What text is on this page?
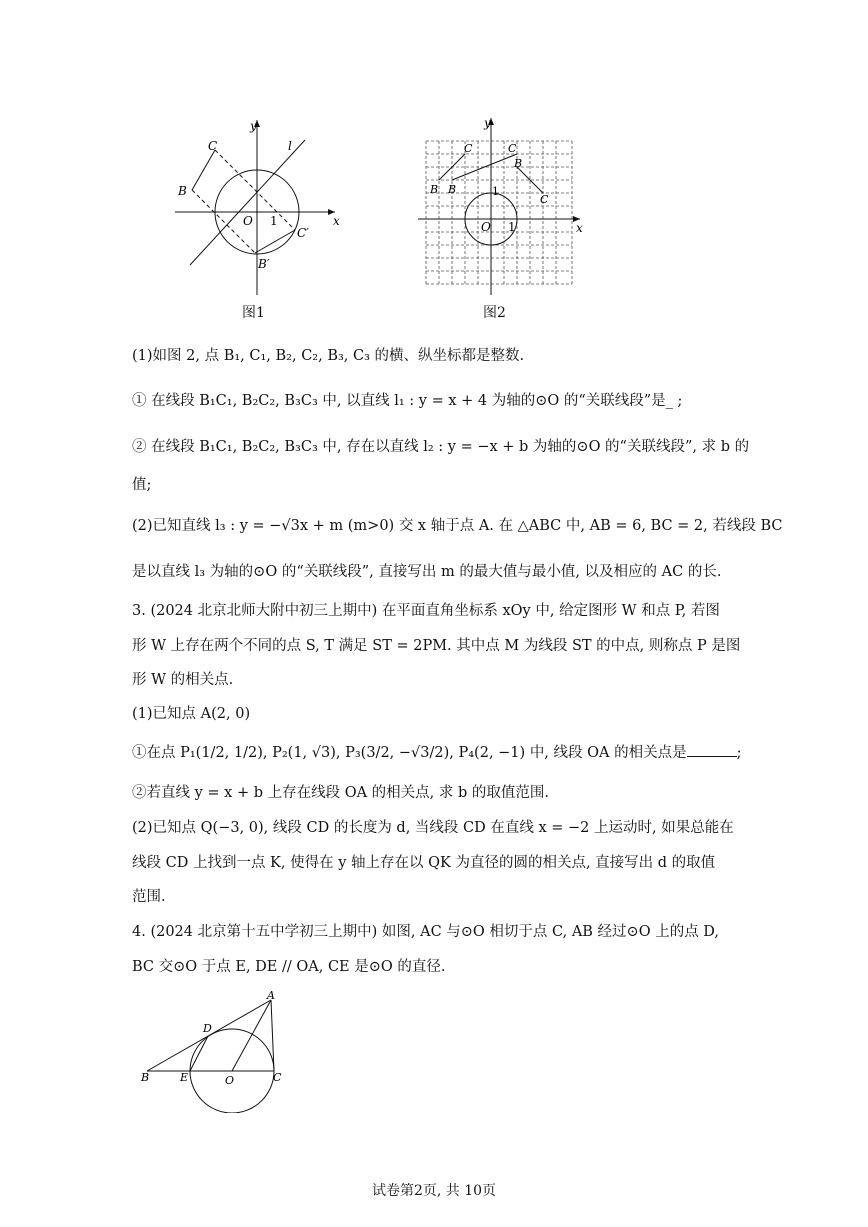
y
x
O 1
l
C
B
C′
B′
图1
y
x
O 1
1
C	C
B
B B
C
图2
(1)如图 2, 点 B₁, C₁, B₂, C₂, B₃, C₃ 的横、纵坐标都是整数.
① 在线段 B₁C₁, B₂C₂, B₃C₃ 中, 以直线 l₁ : y = x + 4 为轴的⊙O 的“关联线段”是_ ;
② 在线段 B₁C₁, B₂C₂, B₃C₃ 中, 存在以直线 l₂ : y = −x + b 为轴的⊙O 的“关联线段”, 求 b 的
值;
(2)已知直线 l₃ : y = −√3x + m (m>0) 交 x 轴于点 A. 在 △ABC 中, AB = 6, BC = 2, 若线段 BC
是以直线 l₃ 为轴的⊙O 的“关联线段”, 直接写出 m 的最大值与最小值, 以及相应的 AC 的长.
3. (2024 北京北师大附中初三上期中) 在平面直角坐标系 xOy 中, 给定图形 W 和点 P, 若图
形 W 上存在两个不同的点 S, T 满足 ST = 2PM. 其中点 M 为线段 ST 的中点, 则称点 P 是图
形 W 的相关点.
(1)已知点 A(2, 0)
①在点 P₁(1/2, 1/2), P₂(1, √3), P₃(3/2, −√3/2), P₄(2, −1) 中, 线段 OA 的相关点是	;
②若直线 y = x + b 上存在线段 OA 的相关点, 求 b 的取值范围.
(2)已知点 Q(−3, 0), 线段 CD 的长度为 d, 当线段 CD 在直线 x = −2 上运动时, 如果总能在
线段 CD 上找到一点 K, 使得在 y 轴上存在以 QK 为直径的圆的相关点, 直接写出 d 的取值
范围.
4. (2024 北京第十五中学初三上期中) 如图, AC 与⊙O 相切于点 C, AB 经过⊙O 上的点 D,
BC 交⊙O 于点 E, DE // OA, CE 是⊙O 的直径.
A
D
B	E	O	C
试卷第2页, 共 10页
